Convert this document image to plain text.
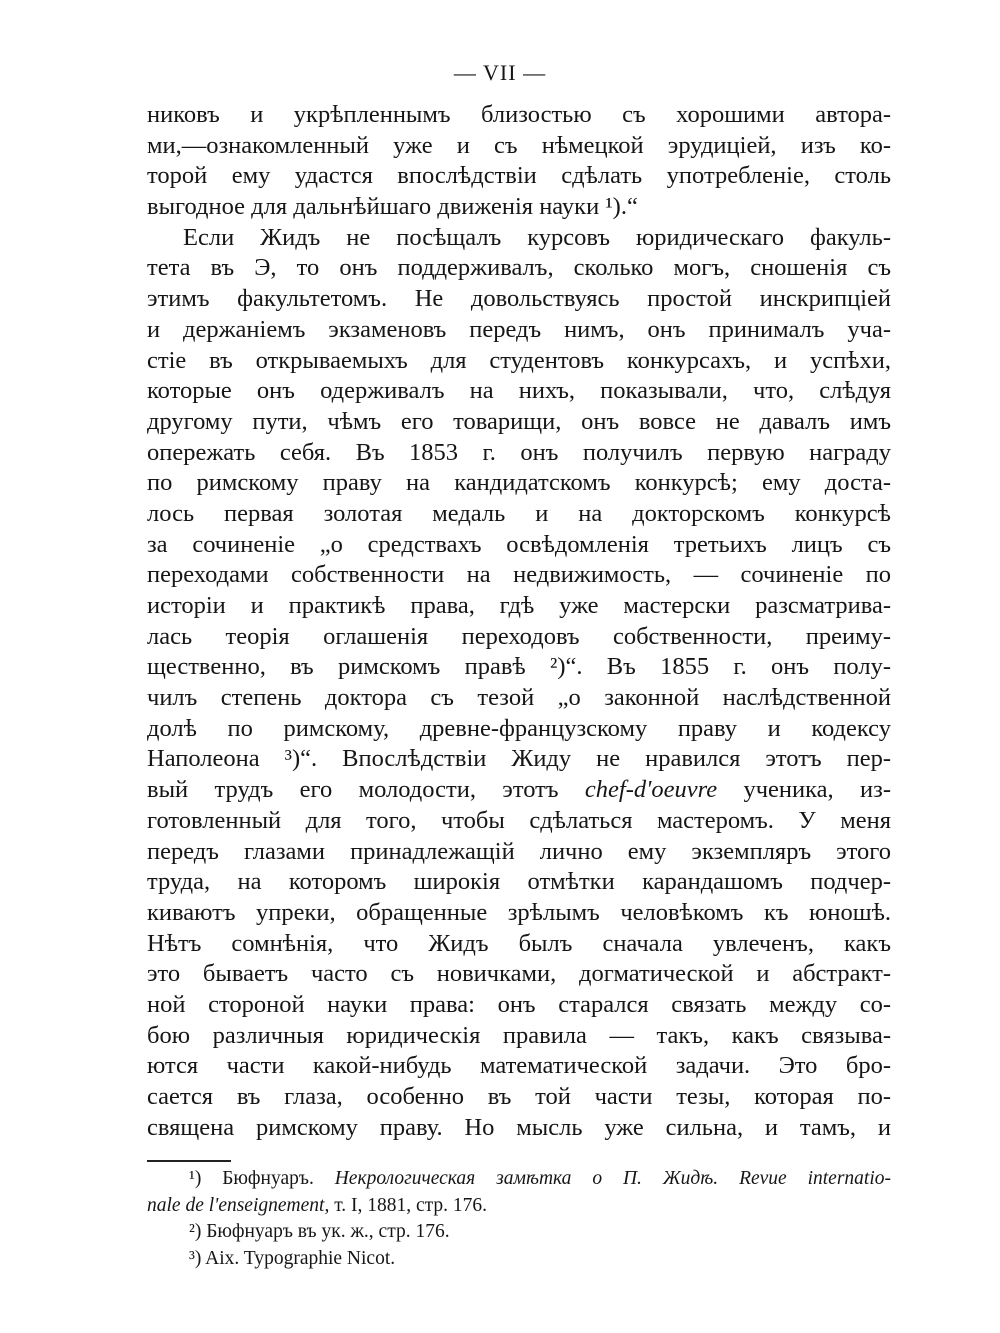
— VII —
никовъ и укрѣпленнымъ близостью съ хорошими автора-
ми,—ознакомленный уже и съ нѣмецкой эрудиціей, изъ ко-
торой ему удастся впослѣдствіи сдѣлать употребленіе, столь
выгодное для дальнѣйшаго движенія науки ¹).“
Если Жидъ не посѣщалъ курсовъ юридическаго факуль-
тета въ Э, то онъ поддерживалъ, сколько могъ, сношенія съ
этимъ факультетомъ. Не довольствуясь простой инскрипціей
и держаніемъ экзаменовъ передъ нимъ, онъ принималъ уча-
стіе въ открываемыхъ для студентовъ конкурсахъ, и успѣхи,
которые онъ одерживалъ на нихъ, показывали, что, слѣдуя
другому пути, чѣмъ его товарищи, онъ вовсе не давалъ имъ
опережать себя. Въ 1853 г. онъ получилъ первую награду
по римскому праву на кандидатскомъ конкурсѣ; ему доста-
лось первая золотая медаль и на докторскомъ конкурсѣ
за сочиненіе „о средствахъ освѣдомленія третьихъ лицъ съ
переходами собственности на недвижимость, — сочиненіе по
исторіи и практикѣ права, гдѣ уже мастерски разсматрива-
лась теорія оглашенія переходовъ собственности, преиму-
щественно, въ римскомъ правѣ ²)“. Въ 1855 г. онъ полу-
чилъ степень доктора съ тезой „о законной наслѣдственной
долѣ по римскому, древне-французскому праву и кодексу
Наполеона ³)“. Впослѣдствіи Жиду не нравился этотъ пер-
вый трудъ его молодости, этотъ chef-d'oeuvre ученика, из-
готовленный для того, чтобы сдѣлаться мастеромъ. У меня
передъ глазами принадлежащій лично ему экземпляръ этого
труда, на которомъ широкія отмѣтки карандашомъ подчер-
киваютъ упреки, обращенные зрѣлымъ человѣкомъ къ юношѣ.
Нѣтъ сомнѣнія, что Жидъ былъ сначала увлеченъ, какъ
это бываетъ часто съ новичками, догматической и абстракт-
ной стороной науки права: онъ старался связать между со-
бою различныя юридическія правила — такъ, какъ связыва-
ются части какой-нибудь математической задачи. Это бро-
сается въ глаза, особенно въ той части тезы, которая по-
священа римскому праву. Но мысль уже сильна, и тамъ, и
¹) Бюфнуаръ. Некрологическая замѣтка о П. Жидѣ. Revue internatio-
nale de l'enseignement, т. I, 1881, стр. 176.
²) Бюфнуаръ въ ук. ж., стр. 176.
³) Aix. Typographie Nicot.
